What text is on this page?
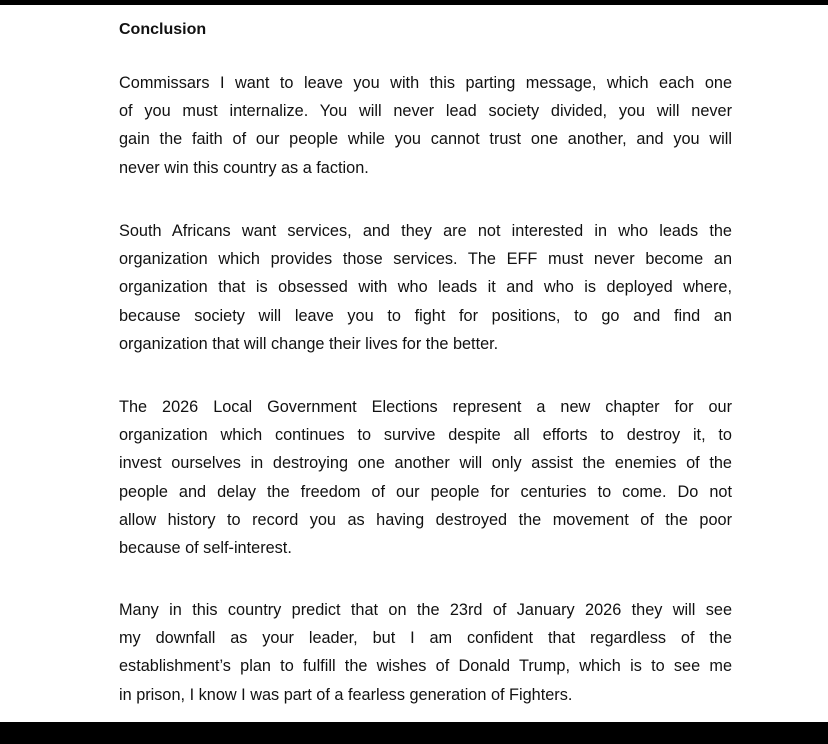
Conclusion

Commissars I want to leave you with this parting message, which each one
of you must internalize. You will never lead society divided, you will never
gain the faith of our people while you cannot trust one another, and you will
never win this country as a faction.

South Africans want services, and they are not interested in who leads the
organization which provides those services. The EFF must never become an
organization that is obsessed with who leads it and who is deployed where,
because society will leave you to fight for positions, to go and find an
organization that will change their lives for the better.

The 2026 Local Government Elections represent a new chapter for our
organization which continues to survive despite all efforts to destroy it, to
invest ourselves in destroying one another will only assist the enemies of the
people and delay the freedom of our people for centuries to come. Do not
allow history to record you as having destroyed the movement of the poor
because of self-interest.

Many in this country predict that on the 23rd of January 2026 they will see
my downfall as your leader, but I am confident that regardless of the
establishment’s plan to fulfill the wishes of Donald Trump, which is to see me
in prison, I know I was part of a fearless generation of Fighters.
